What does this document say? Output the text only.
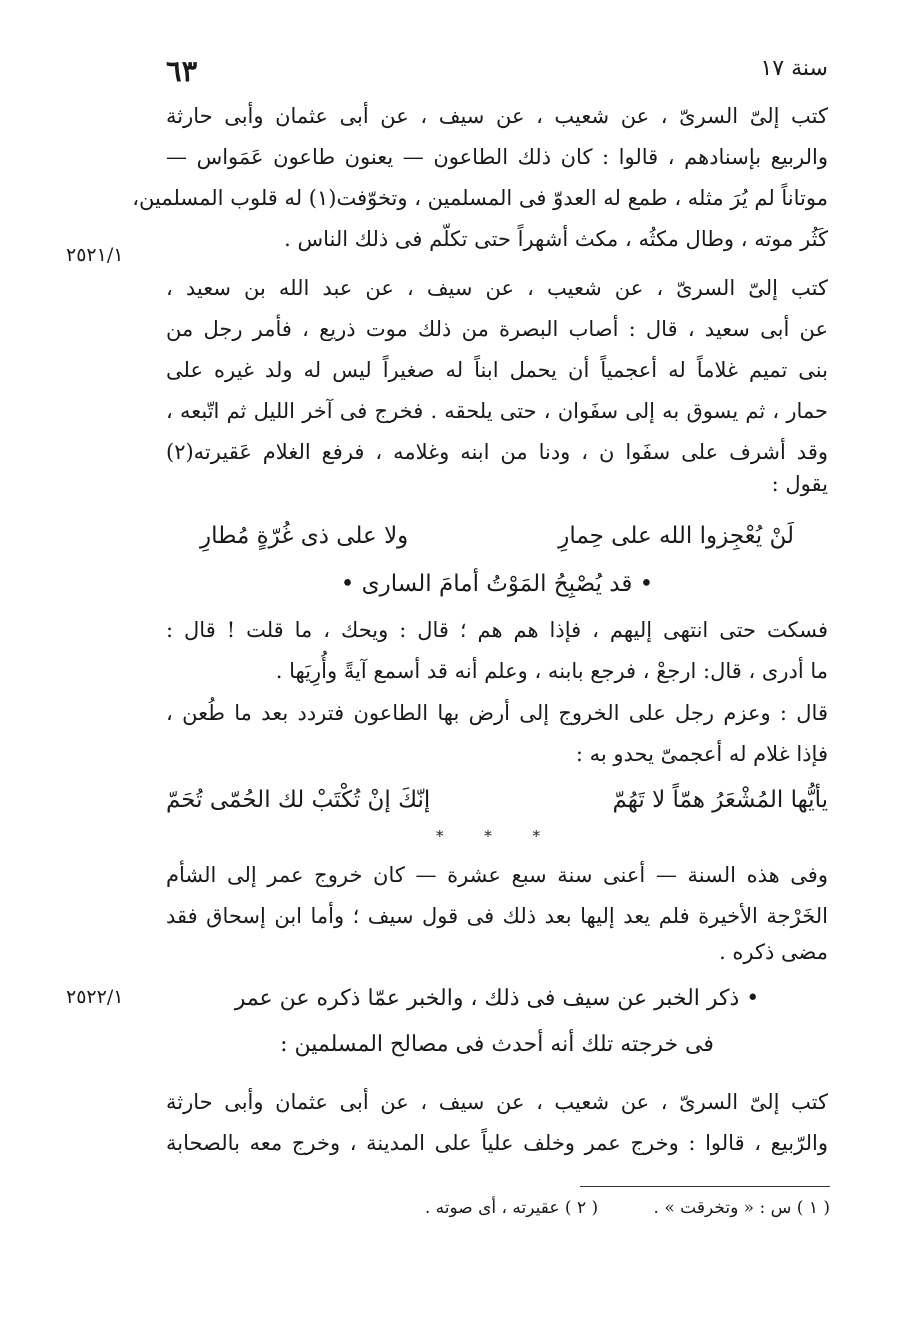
٦٣	سنة ١٧
٢٥٢١/١
٢٥٢٢/١
كتب إلىّ السرىّ ، عن شعيب ، عن سيف ، عن أبى عثمان وأبى حارثة
والربيع بإسنادهم ، قالوا : كان ذلك الطاعون — يعنون طاعون عَمَواس —
موتاناً لم يُرَ مثله ، طمع له العدوّ فى المسلمين ، وتخوّفت(١) له قلوب المسلمين،
كَثُر موته ، وطال مكثُه ، مكث أشهراً حتى تكلّم فى ذلك الناس .
كتب إلىّ السرىّ ، عن شعيب ، عن سيف ، عن عبد الله بن سعيد ،
عن أبى سعيد ، قال : أصاب البصرة من ذلك موت ذريع ، فأمر رجل من
بنى تميم غلاماً له أعجمياً أن يحمل ابناً له صغيراً ليس له ولد غيره على
حمار ، ثم يسوق به إلى سفَوان ، حتى يلحقه . فخرج فى آخر الليل ثم اتّبعه ،
وقد أشرف على سفَوا ن ، ودنا من ابنه وغلامه ، فرفع الغلام عَقيرته(٢)
يقول :
لَنْ يُعْجِزوا الله على حِمارِ
ولا على ذى غُرّةٍ مُطارِ
• قد يُصْبِحُ المَوْتُ أمامَ السارى •
فسكت حتى انتهى إليهم ، فإذا هم هم ؛ قال : ويحك ، ما قلت ! قال :
ما أدرى ، قال: ارجعْ ، فرجع بابنه ، وعلم أنه قد أسمع آيةً وأُرِيَها .
قال : وعزم رجل على الخروج إلى أرض بها الطاعون فتردد بعد ما طُعن ،
فإذا غلام له أعجمىّ يحدو به :
يأيُّها المُشْعَرُ همّاً لا تَهُمّ
إنّكَ إنْ تُكْتَبْ لك الحُمّى تُحَمّ
* * *
وفى هذه السنة — أعنى سنة سبع عشرة — كان خروج عمر إلى الشأم
الخَرْجة الأخيرة فلم يعد إليها بعد ذلك فى قول سيف ؛ وأما ابن إسحاق فقد
مضى ذكره .
• ذكر الخبر عن سيف فى ذلك ، والخبر عمّا ذكره عن عمر
فى خرجته تلك أنه أحدث فى مصالح المسلمين :
كتب إلىّ السرىّ ، عن شعيب ، عن سيف ، عن أبى عثمان وأبى حارثة
والرّبيع ، قالوا : وخرج عمر وخلف علياً على المدينة ، وخرج معه بالصحابة
( ١ ) س : « وتخرقت » . ( ٢ ) عقيرته ، أى صوته .
